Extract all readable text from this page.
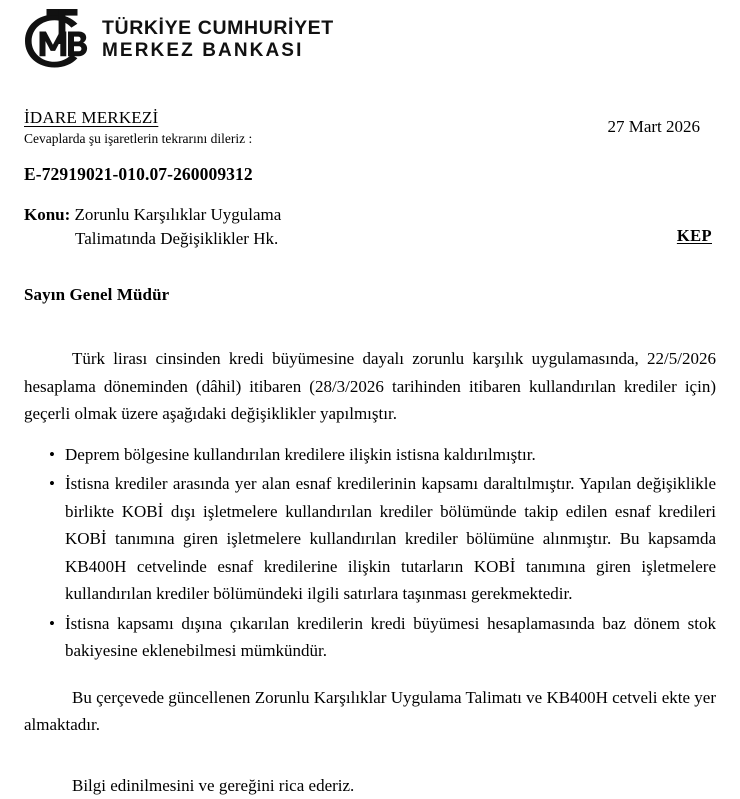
TÜRKİYE CUMHURİYET
MERKEZ BANKASI
İDARE MERKEZİ
Cevaplarda şu işaretlerin tekrarını dileriz :
E-72919021-010.07-260009312
27 Mart 2026
Konu: Zorunlu Karşılıklar Uygulama
Talimatında Değişiklikler Hk.	KEP
Sayın Genel Müdür

Türk lirası cinsinden kredi büyümesine dayalı zorunlu karşılık uygulamasında, 22/5/2026 hesaplama döneminden (dâhil) itibaren (28/3/2026 tarihinden itibaren kullandırılan krediler için) geçerli olmak üzere aşağıdaki değişiklikler yapılmıştır.

• Deprem bölgesine kullandırılan kredilere ilişkin istisna kaldırılmıştır.
• İstisna krediler arasında yer alan esnaf kredilerinin kapsamı daraltılmıştır. Yapılan değişiklikle birlikte KOBİ dışı işletmelere kullandırılan krediler bölümünde takip edilen esnaf kredileri KOBİ tanımına giren işletmelere kullandırılan krediler bölümüne alınmıştır. Bu kapsamda KB400H cetvelinde esnaf kredilerine ilişkin tutarların KOBİ tanımına giren işletmelere kullandırılan krediler bölümündeki ilgili satırlara taşınması gerekmektedir.
• İstisna kapsamı dışına çıkarılan kredilerin kredi büyümesi hesaplamasında baz dönem stok bakiyesine eklenebilmesi mümkündür.

Bu çerçevede güncellenen Zorunlu Karşılıklar Uygulama Talimatı ve KB400H cetveli ekte yer almaktadır.

Bilgi edinilmesini ve gereğini rica ederiz.
